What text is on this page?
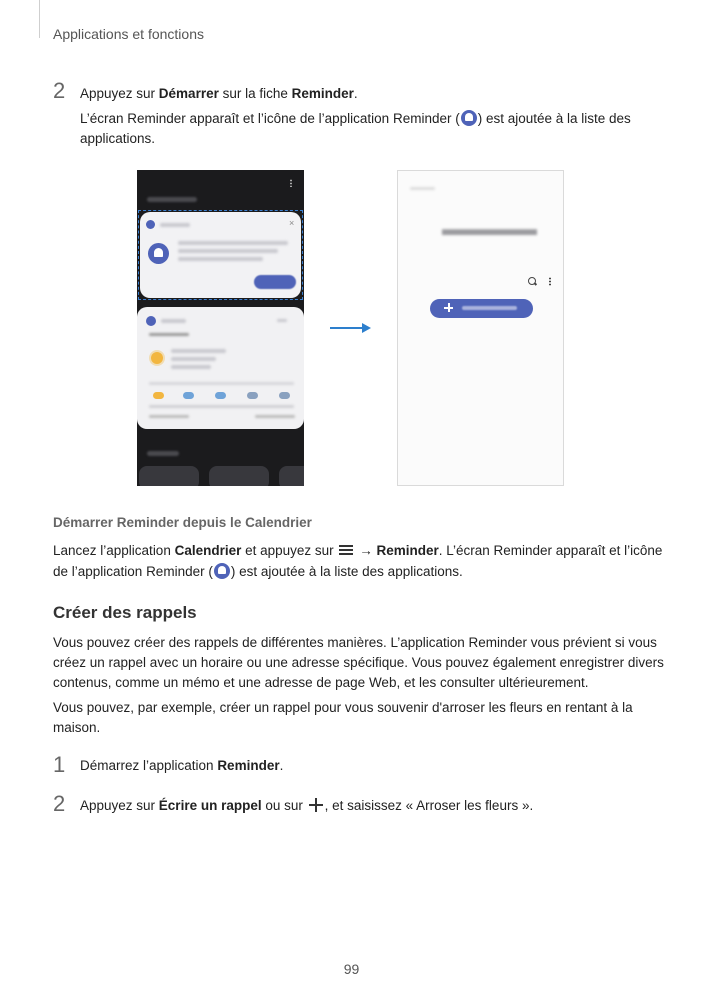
Applications et fonctions
2 Appuyez sur Démarrer sur la fiche Reminder.
L’écran Reminder apparaît et l’icône de l’application Reminder ( ) est ajoutée à la liste des
applications.
×	▬▬▬▬▬
Démarrer Reminder depuis le Calendrier
Lancez l’application Calendrier et appuyez sur
→ Reminder. L’écran Reminder apparaît et l’icône
de l’application Reminder ( ) est ajoutée à la liste des applications.
Créer des rappels
Vous pouvez créer des rappels de différentes manières. L’application Reminder vous prévient si vous
créez un rappel avec un horaire ou une adresse spécifique. Vous pouvez également enregistrer divers
contenus, comme un mémo et une adresse de page Web, et les consulter ultérieurement.
Vous pouvez, par exemple, créer un rappel pour vous souvenir d'arroser les fleurs en rentant à la
maison.
1 Démarrez l’application Reminder.
2 Appuyez sur Écrire un rappel ou sur , et saisissez « Arroser les fleurs ».
99
